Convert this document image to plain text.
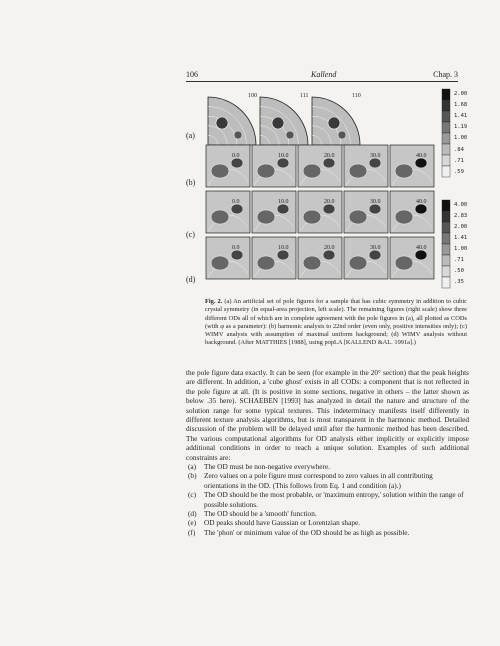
106	Kallend	Chap. 3
(a)
(b)
(c)
(d)
2.00
1.68
1.41
1.19
1.00
.84
.71
.59
4.00
2.83
2.00
1.41
1.00
.71
.50
.35
100	111	110
0.0	10.0	20.0	30.0	40.0
0.0	10.0	20.0	30.0	40.0
0.0	10.0	20.0	30.0	40.0
Fig. 2. (a) An artificial set of pole figures for a sample that has cubic symmetry in addition to cubic crystal symmetry (in equal-area projection, left scale). The remaining figures (right scale) show three different ODs all of which are in complete agreement with the pole figures in (a), all plotted as CODs (with φ as a parameter): (b) harmonic analysis to 22nd order (even only, positive intensities only); (c) WIMV analysis with assumption of maximal uniform background; (d) WIMV analysis without background. (After MATTHIES [1988], using popLA [KALLEND &AL. 1991a].)

the pole figure data exactly. It can be seen (for example in the 20° section) that the peak heights are different. In addition, a 'cube ghost' exists in all CODs: a component that is not reflected in the pole figure at all. (It is positive in some sections, negative in others – the latter shown as below .35 here). SCHAEBEN [1993] has analyzed in detail the nature and structure of the solution range for some typical textures. This indeterminacy manifests itself differently in different texture analysis algorithms, but is most transparent in the harmonic method. Detailed discussion of the problem will be delayed until after the harmonic method has been described. The various computational algorithms for OD analysis either implicitly or explicitly impose additional conditions in order to reach a unique solution. Examples of such additional constraints are:

(a) The OD must be non-negative everywhere.
(b) Zero values on a pole figure must correspond to zero values in all contributing orientations in the OD. (This follows from Eq. 1 and condition (a).)
(c) The OD should be the most probable, or 'maximum entropy,' solution within the range of possible solutions.
(d) The OD should be a 'smooth' function.
(e) OD peaks should have Gaussian or Lorentzian shape.
(f) The 'phon' or minimum value of the OD should be as high as possible.
